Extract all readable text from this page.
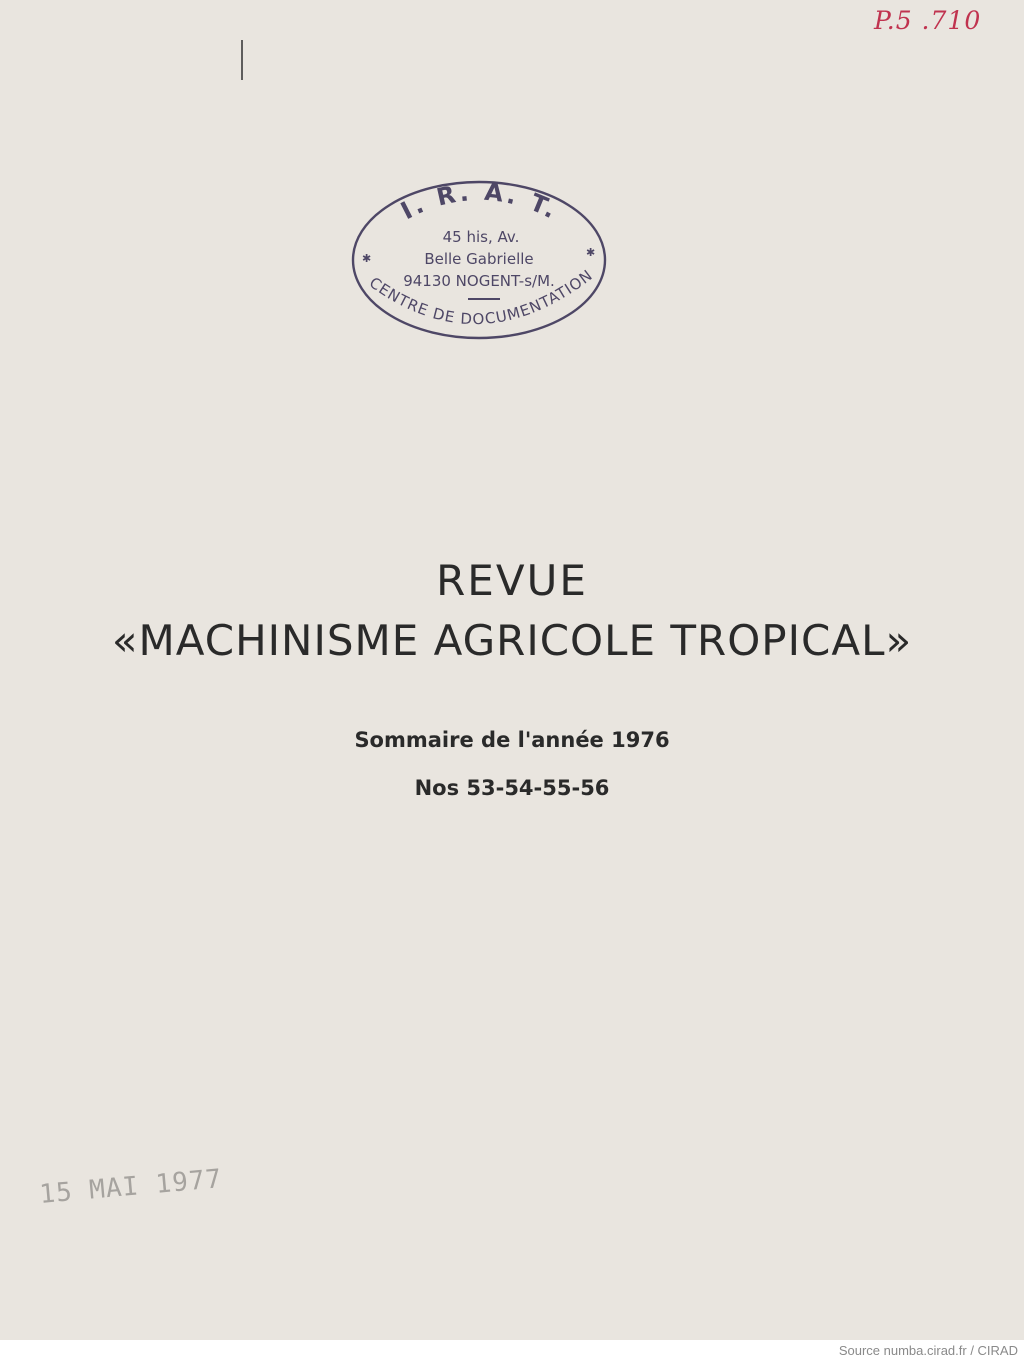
P.5 .710
I. R. A. T.
✱	✱
45 his, Av.
Belle Gabrielle
94130 NOGENT-s/M.
CENTRE DE DOCUMENTATION
REVUE
«MACHINISME AGRICOLE TROPICAL»
Sommaire de l'année 1976
Nos 53-54-55-56
15 MAI 1977
Source numba.cirad.fr / CIRAD
